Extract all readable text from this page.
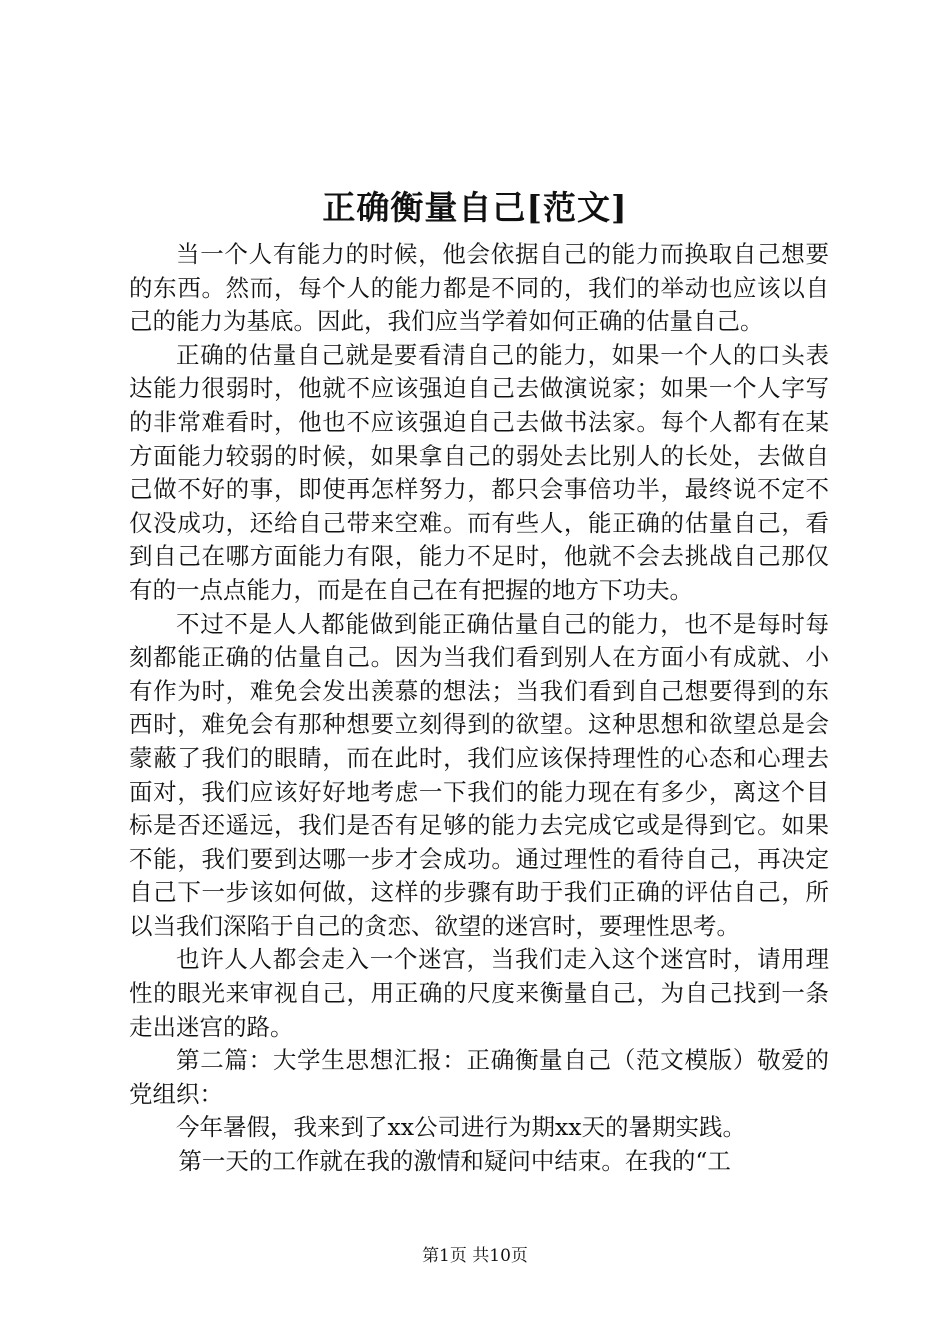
正确衡量自己[范文]

当一个人有能力的时候，他会依据自己的能力而换取自己想要的东西。然而，每个人的能力都是不同的，我们的举动也应该以自己的能力为基底。因此，我们应当学着如何正确的估量自己。

正确的估量自己就是要看清自己的能力，如果一个人的口头表达能力很弱时，他就不应该强迫自己去做演说家；如果一个人字写的非常难看时，他也不应该强迫自己去做书法家。每个人都有在某方面能力较弱的时候，如果拿自己的弱处去比别人的长处，去做自己做不好的事，即使再怎样努力，都只会事倍功半，最终说不定不仅没成功，还给自己带来空难。而有些人，能正确的估量自己，看到自己在哪方面能力有限，能力不足时，他就不会去挑战自己那仅有的一点点能力，而是在自己在有把握的地方下功夫。

不过不是人人都能做到能正确估量自己的能力，也不是每时每刻都能正确的估量自己。因为当我们看到别人在方面小有成就、小有作为时，难免会发出羡慕的想法；当我们看到自己想要得到的东西时，难免会有那种想要立刻得到的欲望。这种思想和欲望总是会蒙蔽了我们的眼睛，而在此时，我们应该保持理性的心态和心理去面对，我们应该好好地考虑一下我们的能力现在有多少，离这个目标是否还遥远，我们是否有足够的能力去完成它或是得到它。如果不能，我们要到达哪一步才会成功。通过理性的看待自己，再决定自己下一步该如何做，这样的步骤有助于我们正确的评估自己，所以当我们深陷于自己的贪恋、欲望的迷宫时，要理性思考。

也许人人都会走入一个迷宫，当我们走入这个迷宫时，请用理性的眼光来审视自己，用正确的尺度来衡量自己，为自己找到一条走出迷宫的路。

第二篇：大学生思想汇报：正确衡量自己（范文模版）敬爱的党组织：

今年暑假，我来到了xx公司进行为期xx天的暑期实践。

第一天的工作就在我的激情和疑问中结束。在我的“工

第1页 共10页
